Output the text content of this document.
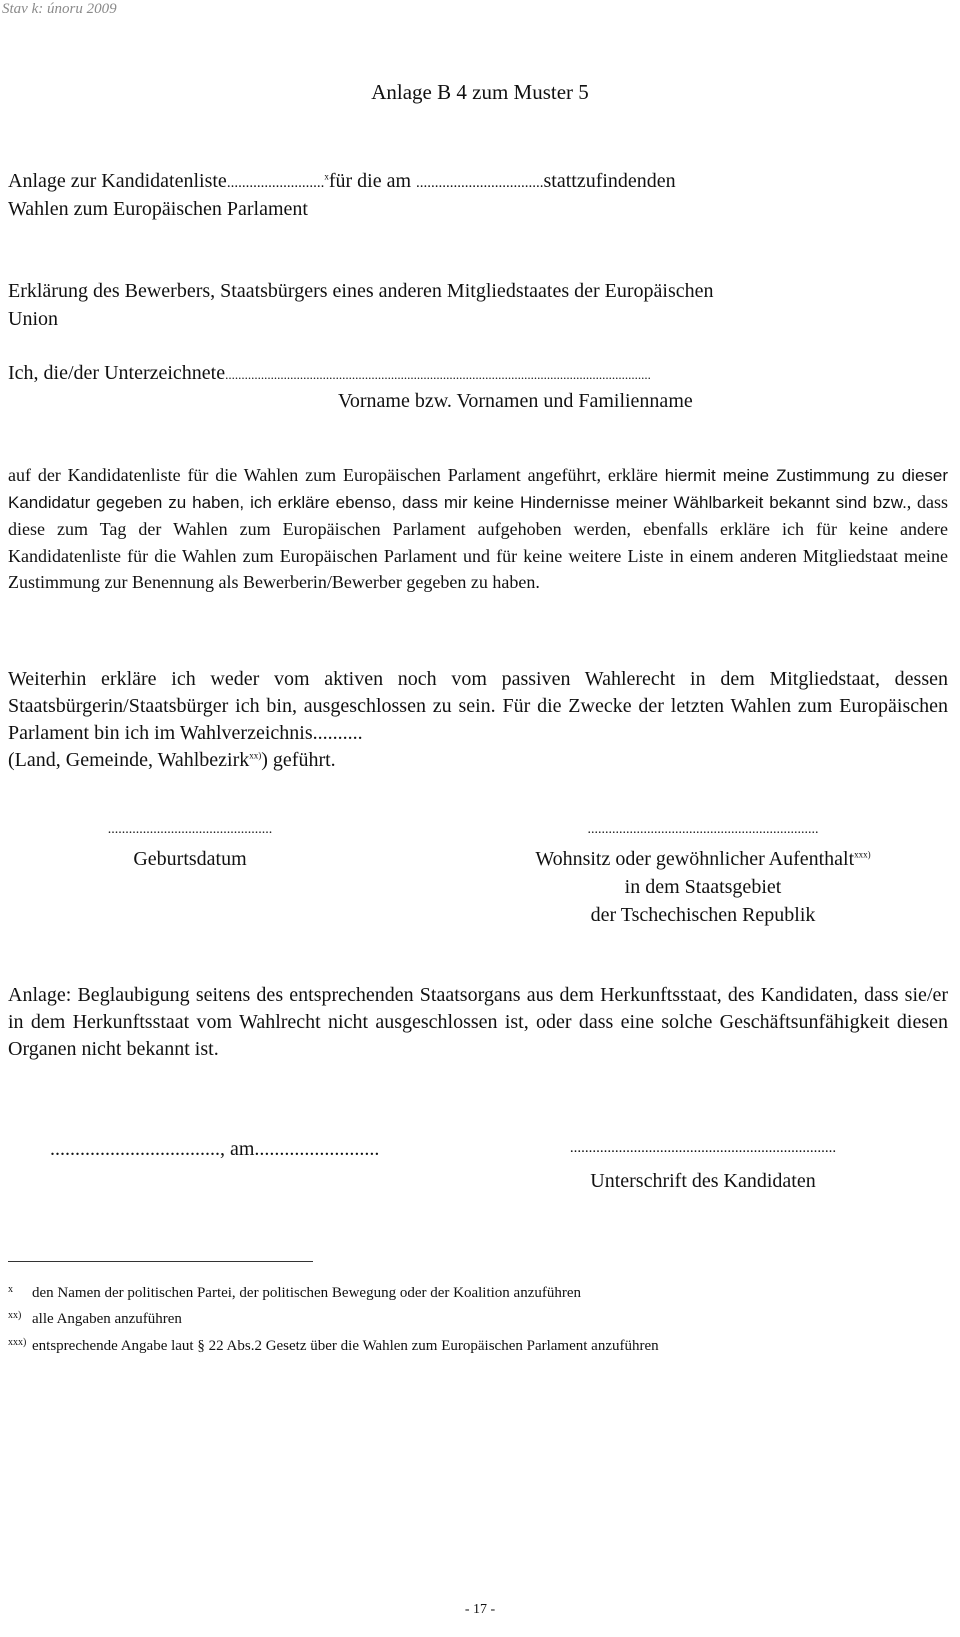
Stav k: únoru 2009
Anlage B 4 zum Muster 5
Anlage zur Kandidatenliste..........................$^x$für die am ..................................stattzufindenden
Wahlen zum Europäischen Parlament
Erklärung des Bewerbers, Staatsbürgers eines anderen Mitgliedstaates der Europäischen
Union
Ich, die/der Unterzeichnete...................................................................................................................................
Vorname bzw. Vornamen und Familienname
auf der Kandidatenliste für die Wahlen zum Europäischen Parlament angeführt, erkläre hiermit meine Zustimmung zu dieser Kandidatur gegeben zu haben, ich erkläre ebenso, dass mir keine Hindernisse meiner Wählbarkeit bekannt sind bzw., dass diese zum Tag der Wahlen zum Europäischen Parlament aufgehoben werden, ebenfalls erkläre ich für keine andere Kandidatenliste für die Wahlen zum Europäischen Parlament und für keine weitere Liste in einem anderen Mitgliedstaat meine Zustimmung zur Benennung als Bewerberin/Bewerber gegeben zu haben.
Weiterhin erkläre ich weder vom aktiven noch vom passiven Wahlerecht in dem Mitgliedstaat, dessen Staatsbürgerin/Staatsbürger ich bin, ausgeschlossen zu sein. Für die Zwecke der letzten Wahlen zum Europäischen Parlament bin ich im Wahlverzeichnis..........
(Land, Gemeinde, Wahlbezirk$^{xx)}$) geführt.
...............................................
Geburtsdatum
..................................................................
Wohnsitz oder gewöhnlicher Aufenthalt$^{xxx)}$
in dem Staatsgebiet
der Tschechischen Republik
Anlage: Beglaubigung seitens des entsprechenden Staatsorgans aus dem Herkunftsstaat, des Kandidaten, dass sie/er in dem Herkunftsstaat vom Wahlrecht nicht ausgeschlossen ist, oder dass eine solche Geschäftsunfähigkeit diesen Organen nicht bekannt ist.
.................................., am.........................	.......................................................................
Unterschrift des Kandidaten
x den Namen der politischen Partei, der politischen Bewegung oder der Koalition anzuführen
xx) alle Angaben anzuführen
xxx) entsprechende Angabe laut § 22 Abs.2 Gesetz über die Wahlen zum Europäischen Parlament anzuführen
- 17 -
